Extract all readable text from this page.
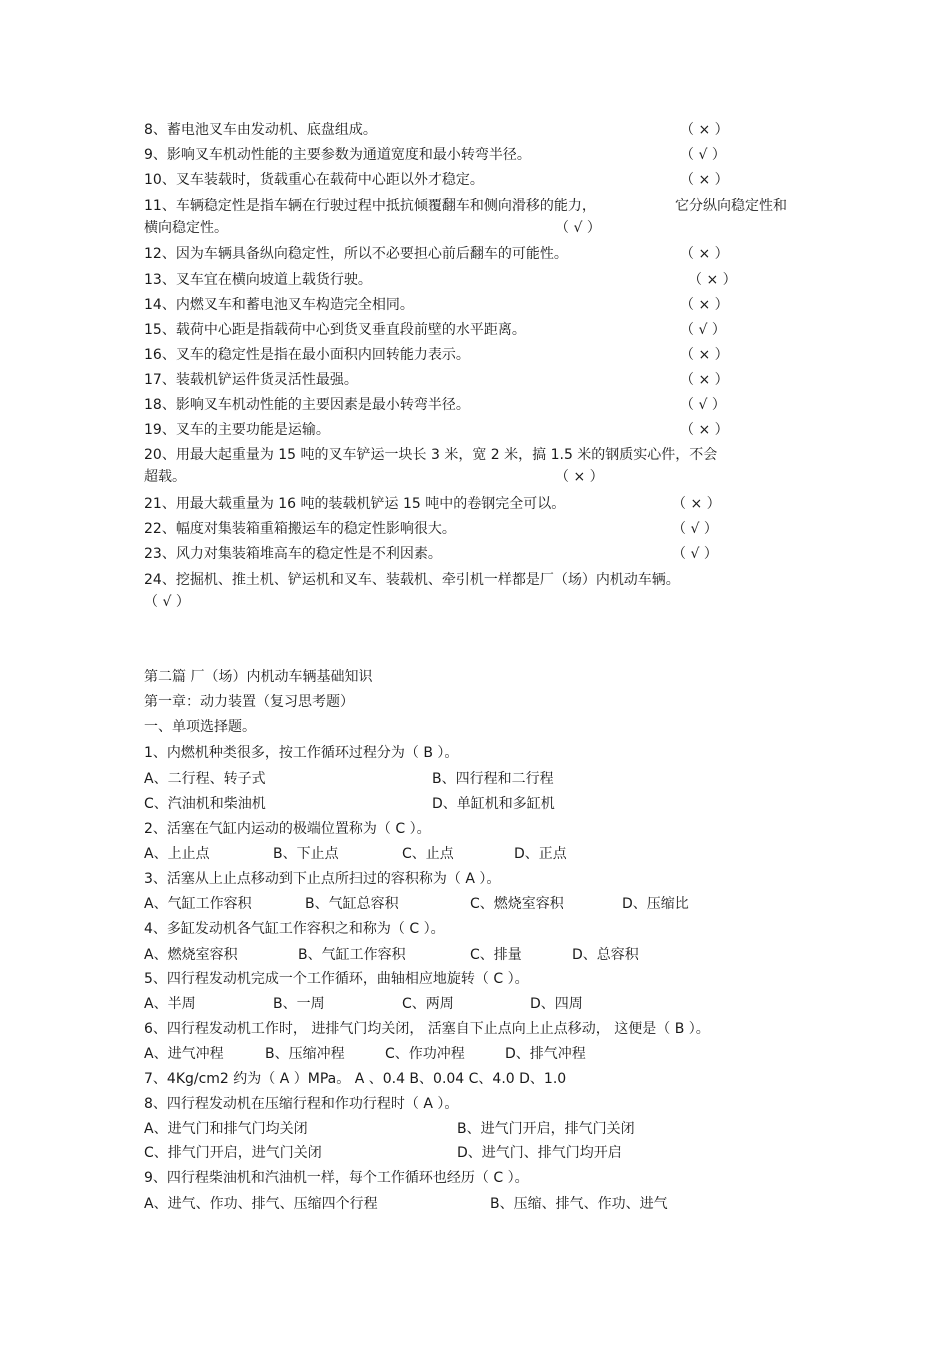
8、蓄电池叉车由发动机、底盘组成。	（ × ）
9、影响叉车机动性能的主要参数为通道宽度和最小转弯半径。	（ √ ）
10、叉车装载时，货载重心在载荷中心距以外才稳定。	（ × ）
11、车辆稳定性是指车辆在行驶过程中抵抗倾覆翻车和侧向滑移的能力，	它分纵向稳定性和
横向稳定性。	（ √ ）
12、因为车辆具备纵向稳定性，所以不必要担心前后翻车的可能性。	（ × ）
13、叉车宜在横向坡道上载货行驶。	（ × ）
14、内燃叉车和蓄电池叉车构造完全相同。	（ × ）
15、载荷中心距是指载荷中心到货叉垂直段前壁的水平距离。	（ √ ）
16、叉车的稳定性是指在最小面积内回转能力表示。	（ × ）
17、装载机铲运件货灵活性最强。	（ × ）
18、影响叉车机动性能的主要因素是最小转弯半径。	（ √ ）
19、叉车的主要功能是运输。	（ × ）
20、用最大起重量为 15 吨的叉车铲运一块长 3 米，宽 2 米，搞 1.5 米的钢质实心件，不会
超载。	（ × ）
21、用最大载重量为 16 吨的装载机铲运 15 吨中的卷钢完全可以。	（ × ）
22、幅度对集装箱重箱搬运车的稳定性影响很大。	（ √ ）
23、风力对集装箱堆高车的稳定性是不利因素。	（ √ ）
24、挖掘机、推土机、铲运机和叉车、装载机、牵引机一样都是厂（场）内机动车辆。
（ √ ）
第二篇 厂（场）内机动车辆基础知识
第一章：动力装置（复习思考题）
一、单项选择题。
1、内燃机种类很多，按工作循环过程分为（ B ）。
A、二行程、转子式	B、四行程和二行程
C、汽油机和柴油机	D、单缸机和多缸机
2、活塞在气缸内运动的极端位置称为（ C ）。
A、上止点	B、下止点	C、止点	D、正点
3、活塞从上止点移动到下止点所扫过的容积称为（ A ）。
A、气缸工作容积	B、气缸总容积	C、燃烧室容积	D、压缩比
4、多缸发动机各气缸工作容积之和称为（ C ）。
A、燃烧室容积	B、气缸工作容积	C、排量	D、总容积
5、四行程发动机完成一个工作循环，曲轴相应地旋转（ C ）。
A、半周	B、一周	C、两周	D、四周
6、四行程发动机工作时， 进排气门均关闭， 活塞自下止点向上止点移动， 这便是（ B ）。
A、进气冲程	B、压缩冲程	C、作功冲程	D、排气冲程
7、4Kg/cm2 约为（ A ）MPa。 A 、0.4 B、0.04 C、4.0 D、1.0
8、四行程发动机在压缩行程和作功行程时（ A ）。
A、进气门和排气门均关闭	B、进气门开启，排气门关闭
C、排气门开启，进气门关闭	D、进气门、排气门均开启
9、四行程柴油机和汽油机一样，每个工作循环也经历（ C ）。
A、进气、作功、排气、压缩四个行程	B、压缩、排气、作功、进气
